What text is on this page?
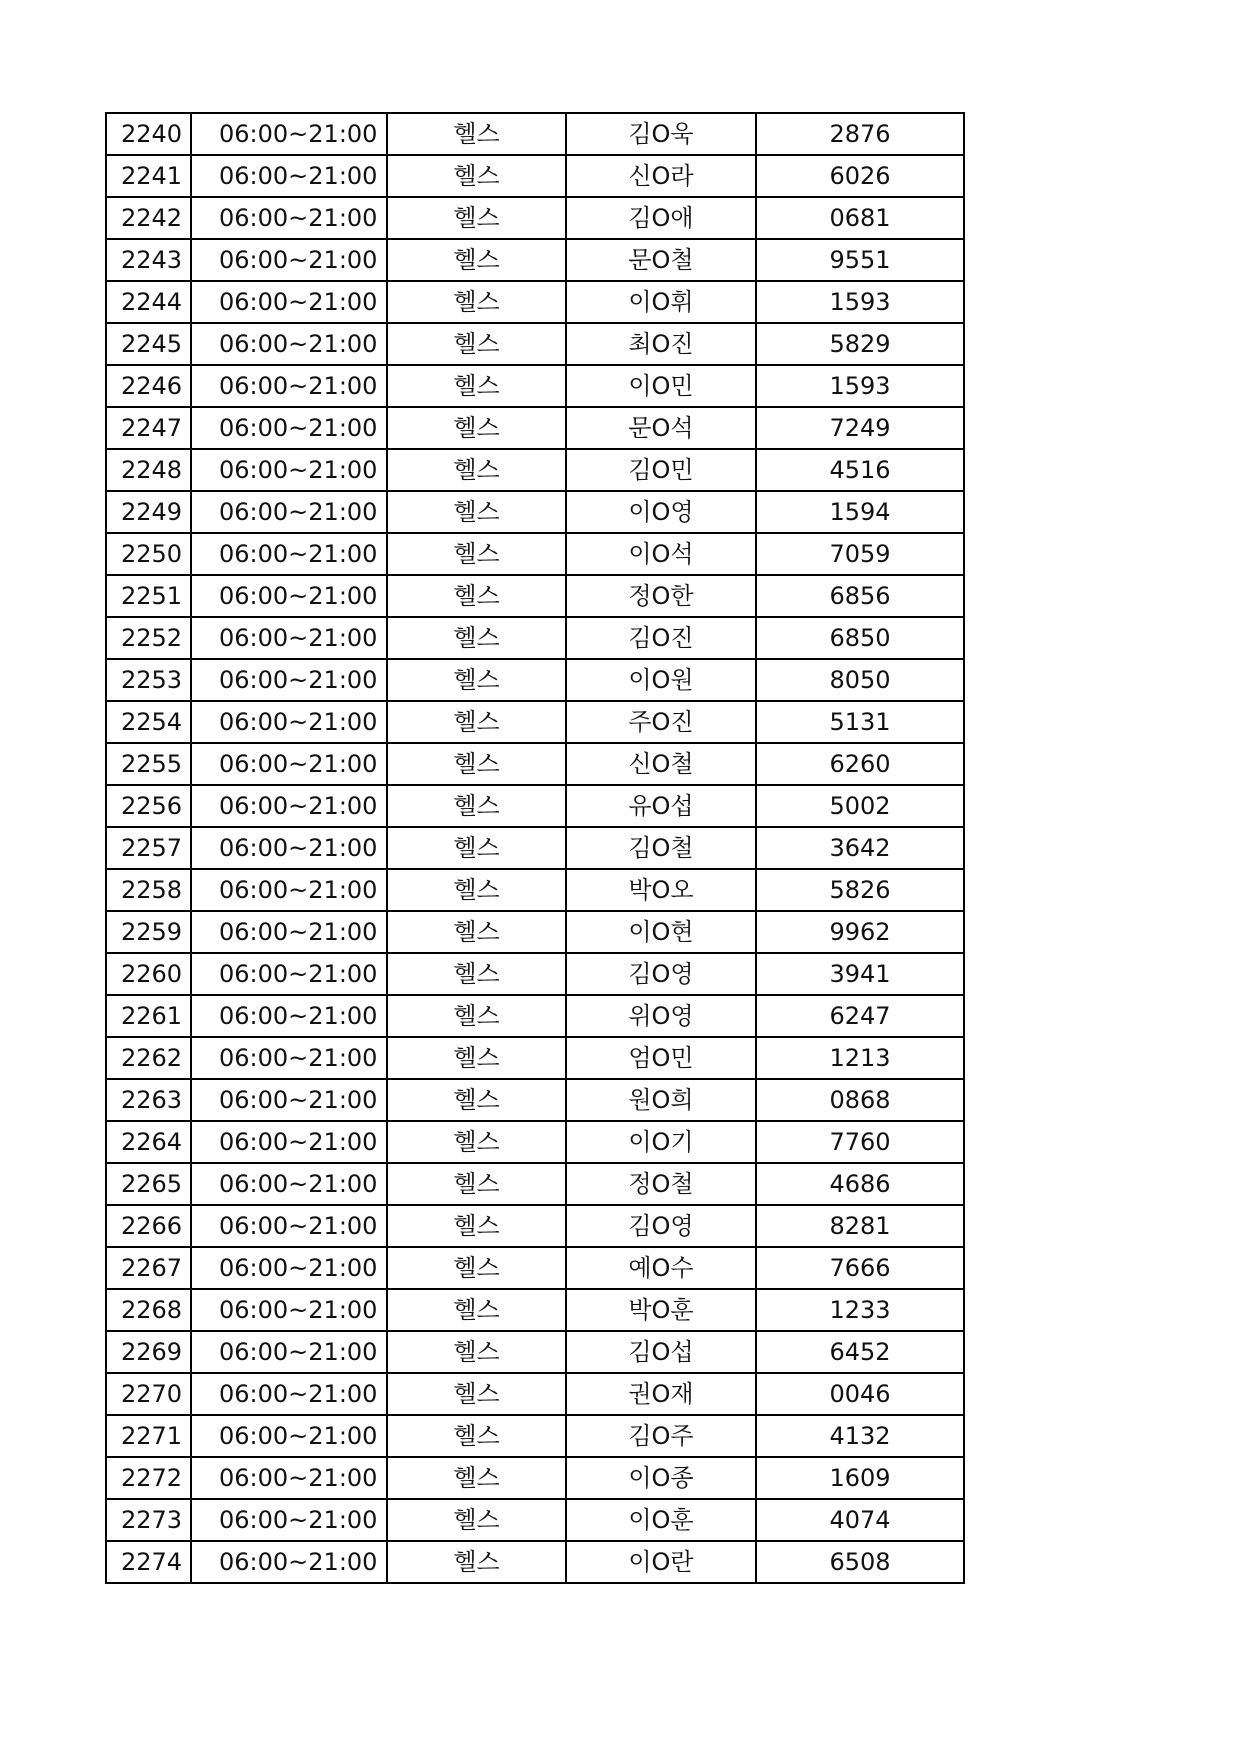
2240	06:00~21:00	헬스	김O욱	2876
2241	06:00~21:00	헬스	신O라	6026
2242	06:00~21:00	헬스	김O애	0681
2243	06:00~21:00	헬스	문O철	9551
2244	06:00~21:00	헬스	이O휘	1593
2245	06:00~21:00	헬스	최O진	5829
2246	06:00~21:00	헬스	이O민	1593
2247	06:00~21:00	헬스	문O석	7249
2248	06:00~21:00	헬스	김O민	4516
2249	06:00~21:00	헬스	이O영	1594
2250	06:00~21:00	헬스	이O석	7059
2251	06:00~21:00	헬스	정O한	6856
2252	06:00~21:00	헬스	김O진	6850
2253	06:00~21:00	헬스	이O원	8050
2254	06:00~21:00	헬스	주O진	5131
2255	06:00~21:00	헬스	신O철	6260
2256	06:00~21:00	헬스	유O섭	5002
2257	06:00~21:00	헬스	김O철	3642
2258	06:00~21:00	헬스	박O오	5826
2259	06:00~21:00	헬스	이O현	9962
2260	06:00~21:00	헬스	김O영	3941
2261	06:00~21:00	헬스	위O영	6247
2262	06:00~21:00	헬스	엄O민	1213
2263	06:00~21:00	헬스	원O희	0868
2264	06:00~21:00	헬스	이O기	7760
2265	06:00~21:00	헬스	정O철	4686
2266	06:00~21:00	헬스	김O영	8281
2267	06:00~21:00	헬스	예O수	7666
2268	06:00~21:00	헬스	박O훈	1233
2269	06:00~21:00	헬스	김O섭	6452
2270	06:00~21:00	헬스	권O재	0046
2271	06:00~21:00	헬스	김O주	4132
2272	06:00~21:00	헬스	이O종	1609
2273	06:00~21:00	헬스	이O훈	4074
2274	06:00~21:00	헬스	이O란	6508
